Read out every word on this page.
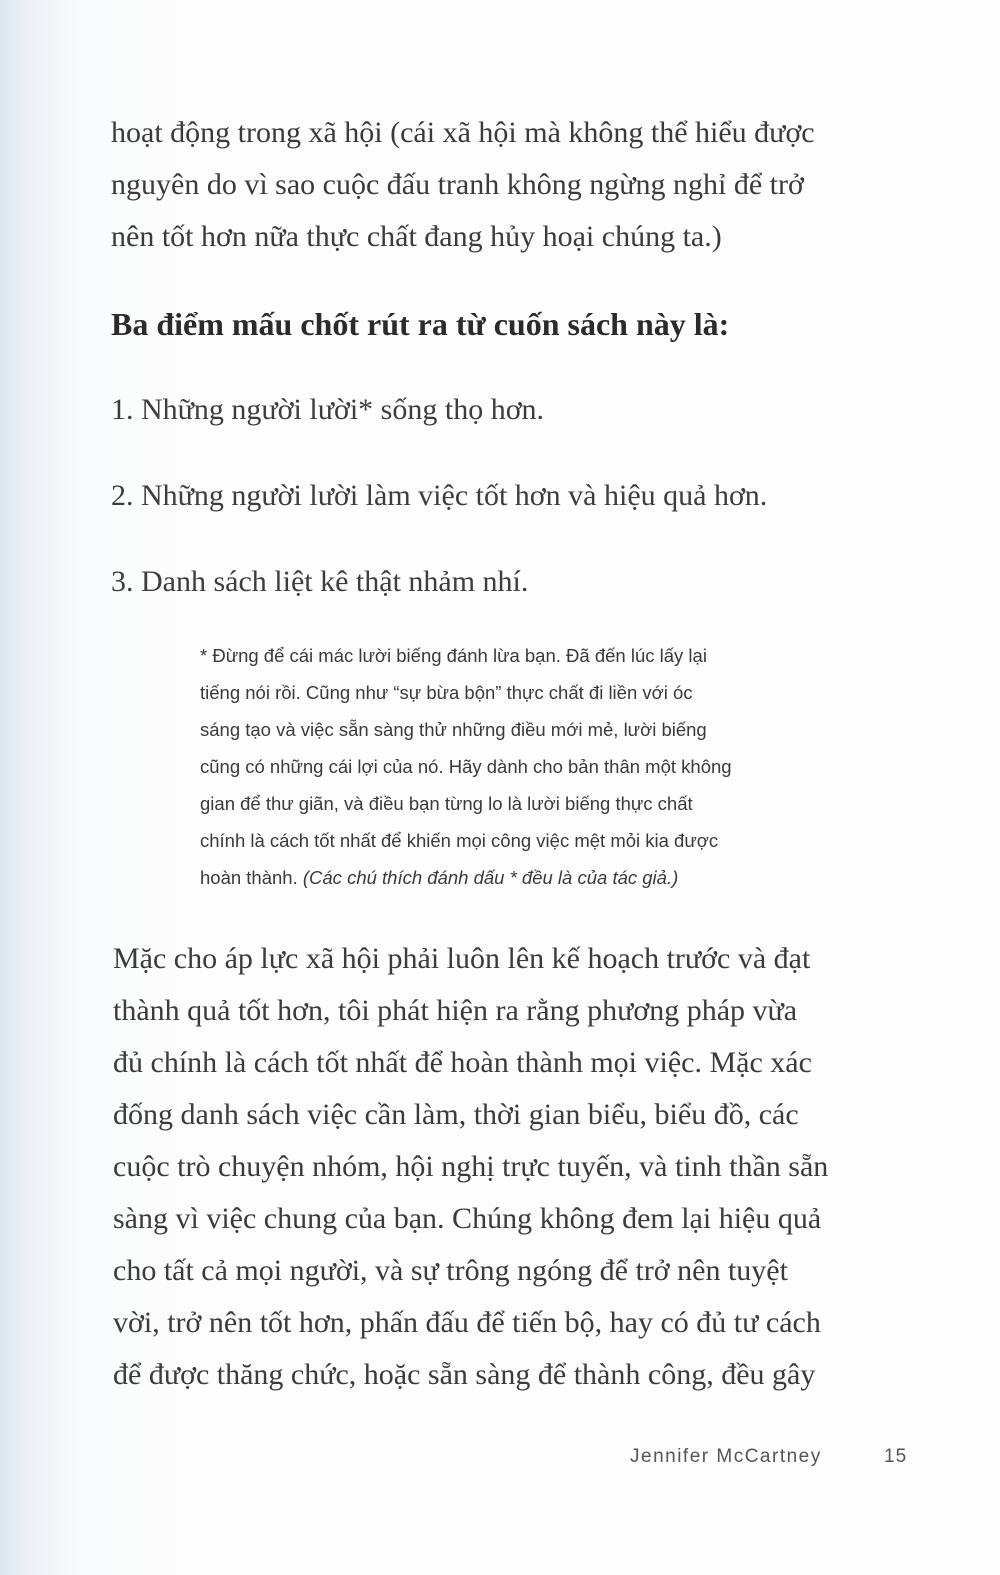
hoạt động trong xã hội (cái xã hội mà không thể hiểu được
nguyên do vì sao cuộc đấu tranh không ngừng nghỉ để trở
nên tốt hơn nữa thực chất đang hủy hoại chúng ta.)
Ba điểm mấu chốt rút ra từ cuốn sách này là:
1. Những người lười* sống thọ hơn.
2. Những người lười làm việc tốt hơn và hiệu quả hơn.
3. Danh sách liệt kê thật nhảm nhí.
* Đừng để cái mác lười biếng đánh lừa bạn. Đã đến lúc lấy lại
tiếng nói rồi. Cũng như “sự bừa bộn” thực chất đi liền với óc
sáng tạo và việc sẵn sàng thử những điều mới mẻ, lười biếng
cũng có những cái lợi của nó. Hãy dành cho bản thân một không
gian để thư giãn, và điều bạn từng lo là lười biếng thực chất
chính là cách tốt nhất để khiến mọi công việc mệt mỏi kia được
hoàn thành. (Các chú thích đánh dấu * đều là của tác giả.)
Mặc cho áp lực xã hội phải luôn lên kế hoạch trước và đạt
thành quả tốt hơn, tôi phát hiện ra rằng phương pháp vừa
đủ chính là cách tốt nhất để hoàn thành mọi việc. Mặc xác
đống danh sách việc cần làm, thời gian biểu, biểu đồ, các
cuộc trò chuyện nhóm, hội nghị trực tuyến, và tinh thần sẵn
sàng vì việc chung của bạn. Chúng không đem lại hiệu quả
cho tất cả mọi người, và sự trông ngóng để trở nên tuyệt
vời, trở nên tốt hơn, phấn đấu để tiến bộ, hay có đủ tư cách
để được thăng chức, hoặc sẵn sàng để thành công, đều gây
Jennifer McCartney	15
